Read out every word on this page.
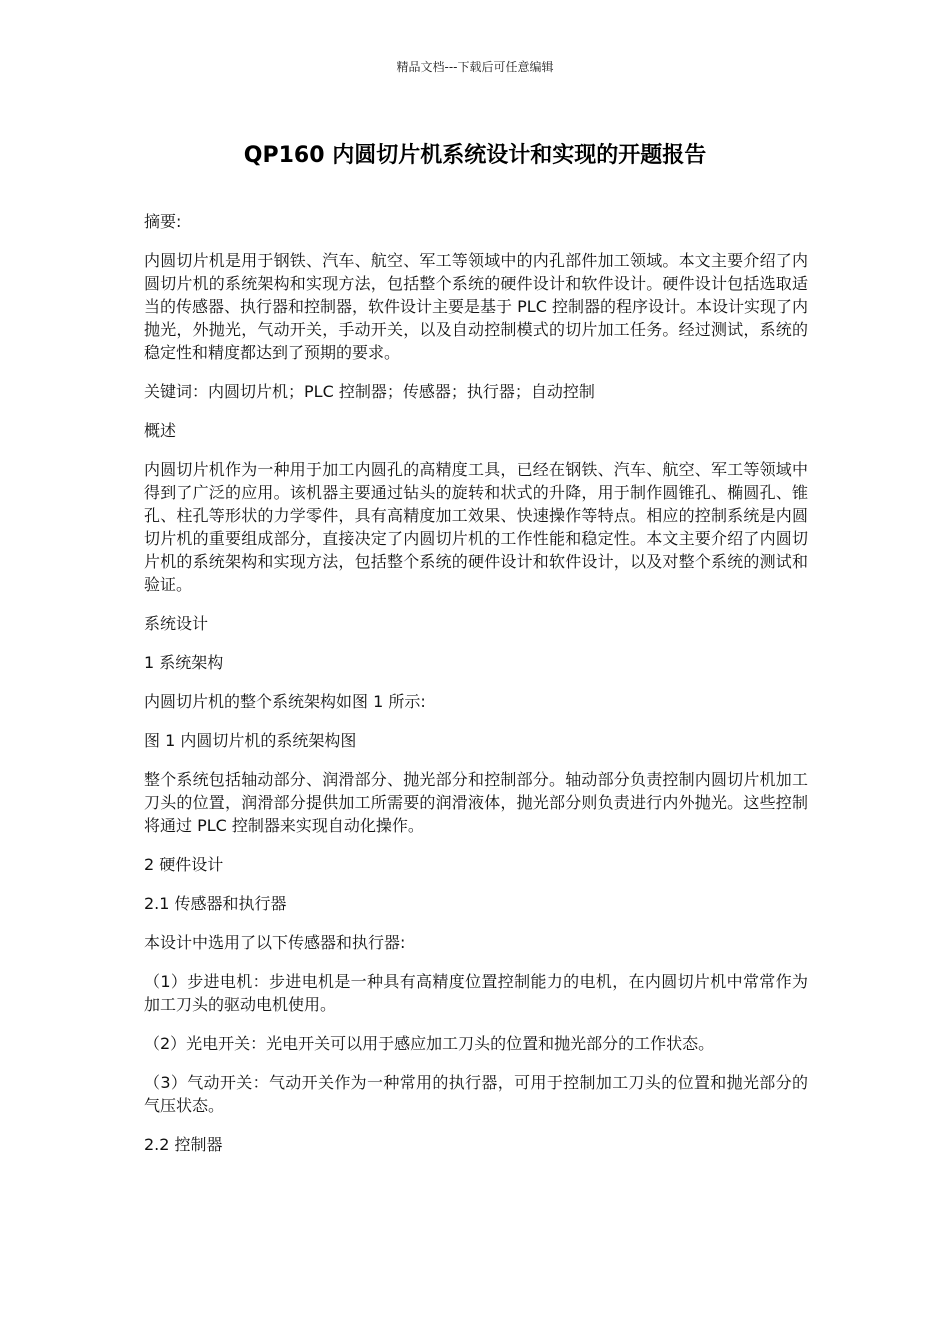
精品文档---下载后可任意编辑
QP160 内圆切片机系统设计和实现的开题报告

摘要:

内圆切片机是用于钢铁、汽车、航空、军工等领域中的内孔部件加工领域。本文主要介绍了内圆切片机的系统架构和实现方法，包括整个系统的硬件设计和软件设计。硬件设计包括选取适当的传感器、执行器和控制器，软件设计主要是基于 PLC 控制器的程序设计。本设计实现了内抛光，外抛光，气动开关，手动开关，以及自动控制模式的切片加工任务。经过测试，系统的稳定性和精度都达到了预期的要求。

关键词：内圆切片机；PLC 控制器；传感器；执行器；自动控制

概述

内圆切片机作为一种用于加工内圆孔的高精度工具，已经在钢铁、汽车、航空、军工等领域中得到了广泛的应用。该机器主要通过钻头的旋转和状式的升降，用于制作圆锥孔、椭圆孔、锥孔、柱孔等形状的力学零件，具有高精度加工效果、快速操作等特点。相应的控制系统是内圆切片机的重要组成部分，直接决定了内圆切片机的工作性能和稳定性。本文主要介绍了内圆切片机的系统架构和实现方法，包括整个系统的硬件设计和软件设计，以及对整个系统的测试和验证。

系统设计

1 系统架构

内圆切片机的整个系统架构如图 1 所示:

图 1 内圆切片机的系统架构图

整个系统包括轴动部分、润滑部分、抛光部分和控制部分。轴动部分负责控制内圆切片机加工刀头的位置，润滑部分提供加工所需要的润滑液体，抛光部分则负责进行内外抛光。这些控制将通过 PLC 控制器来实现自动化操作。

2 硬件设计

2.1 传感器和执行器

本设计中选用了以下传感器和执行器:

（1）步进电机：步进电机是一种具有高精度位置控制能力的电机，在内圆切片机中常常作为加工刀头的驱动电机使用。

（2）光电开关：光电开关可以用于感应加工刀头的位置和抛光部分的工作状态。

（3）气动开关：气动开关作为一种常用的执行器，可用于控制加工刀头的位置和抛光部分的气压状态。

2.2 控制器
